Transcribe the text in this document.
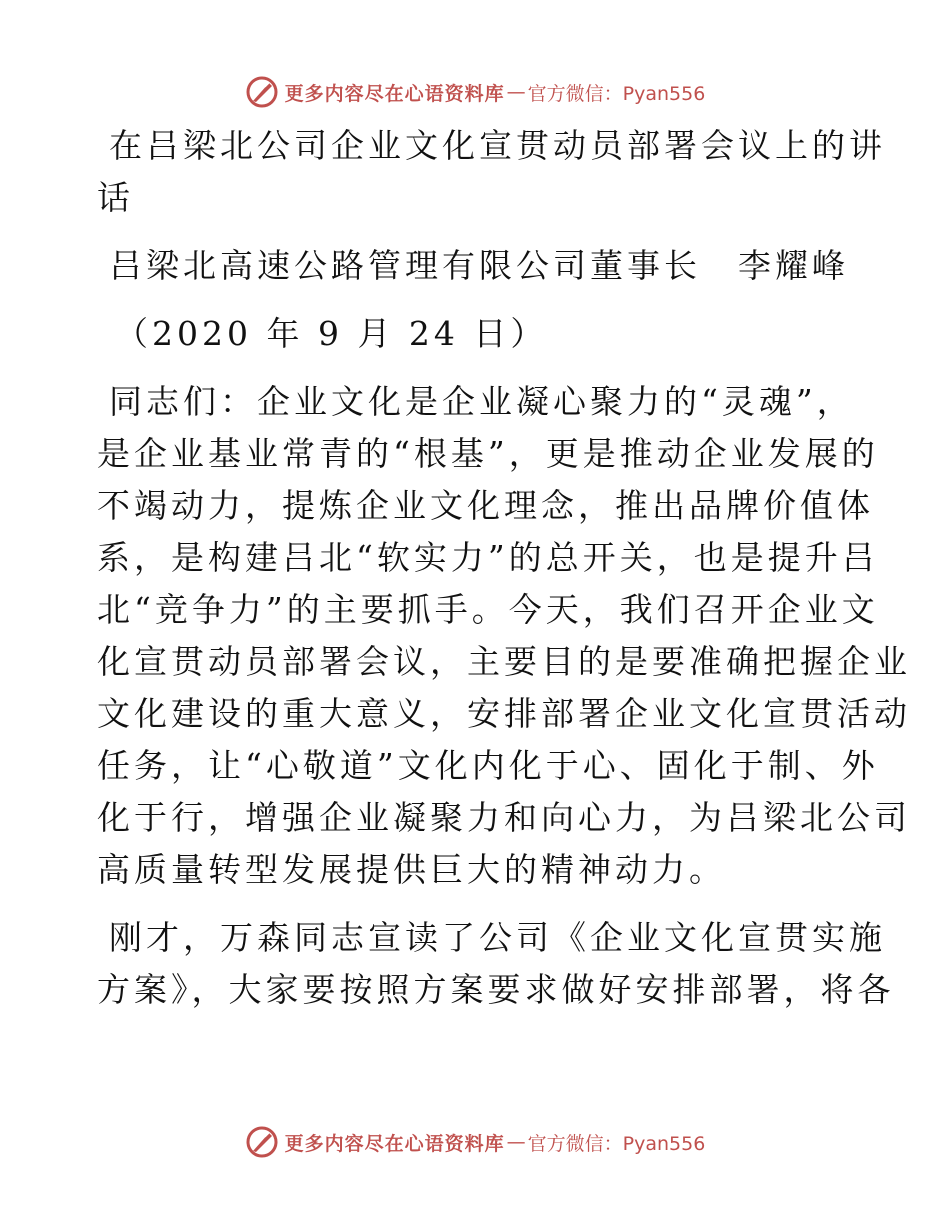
更多内容尽在心语资料库 — 官方微信：Pyan556
在吕梁北公司企业文化宣贯动员部署会议上的讲
话
吕梁北高速公路管理有限公司董事长　李耀峰
（2020 年 9 月 24 日）
同志们：企业文化是企业凝心聚力的“灵魂”，
是企业基业常青的“根基”，更是推动企业发展的
不竭动力，提炼企业文化理念，推出品牌价值体
系，是构建吕北“软实力”的总开关，也是提升吕
北“竞争力”的主要抓手。今天，我们召开企业文
化宣贯动员部署会议，主要目的是要准确把握企业
文化建设的重大意义，安排部署企业文化宣贯活动
任务，让“心敬道”文化内化于心、固化于制、外
化于行，增强企业凝聚力和向心力，为吕梁北公司
高质量转型发展提供巨大的精神动力。
刚才，万森同志宣读了公司《企业文化宣贯实施
方案》，大家要按照方案要求做好安排部署，将各
更多内容尽在心语资料库 — 官方微信：Pyan556
